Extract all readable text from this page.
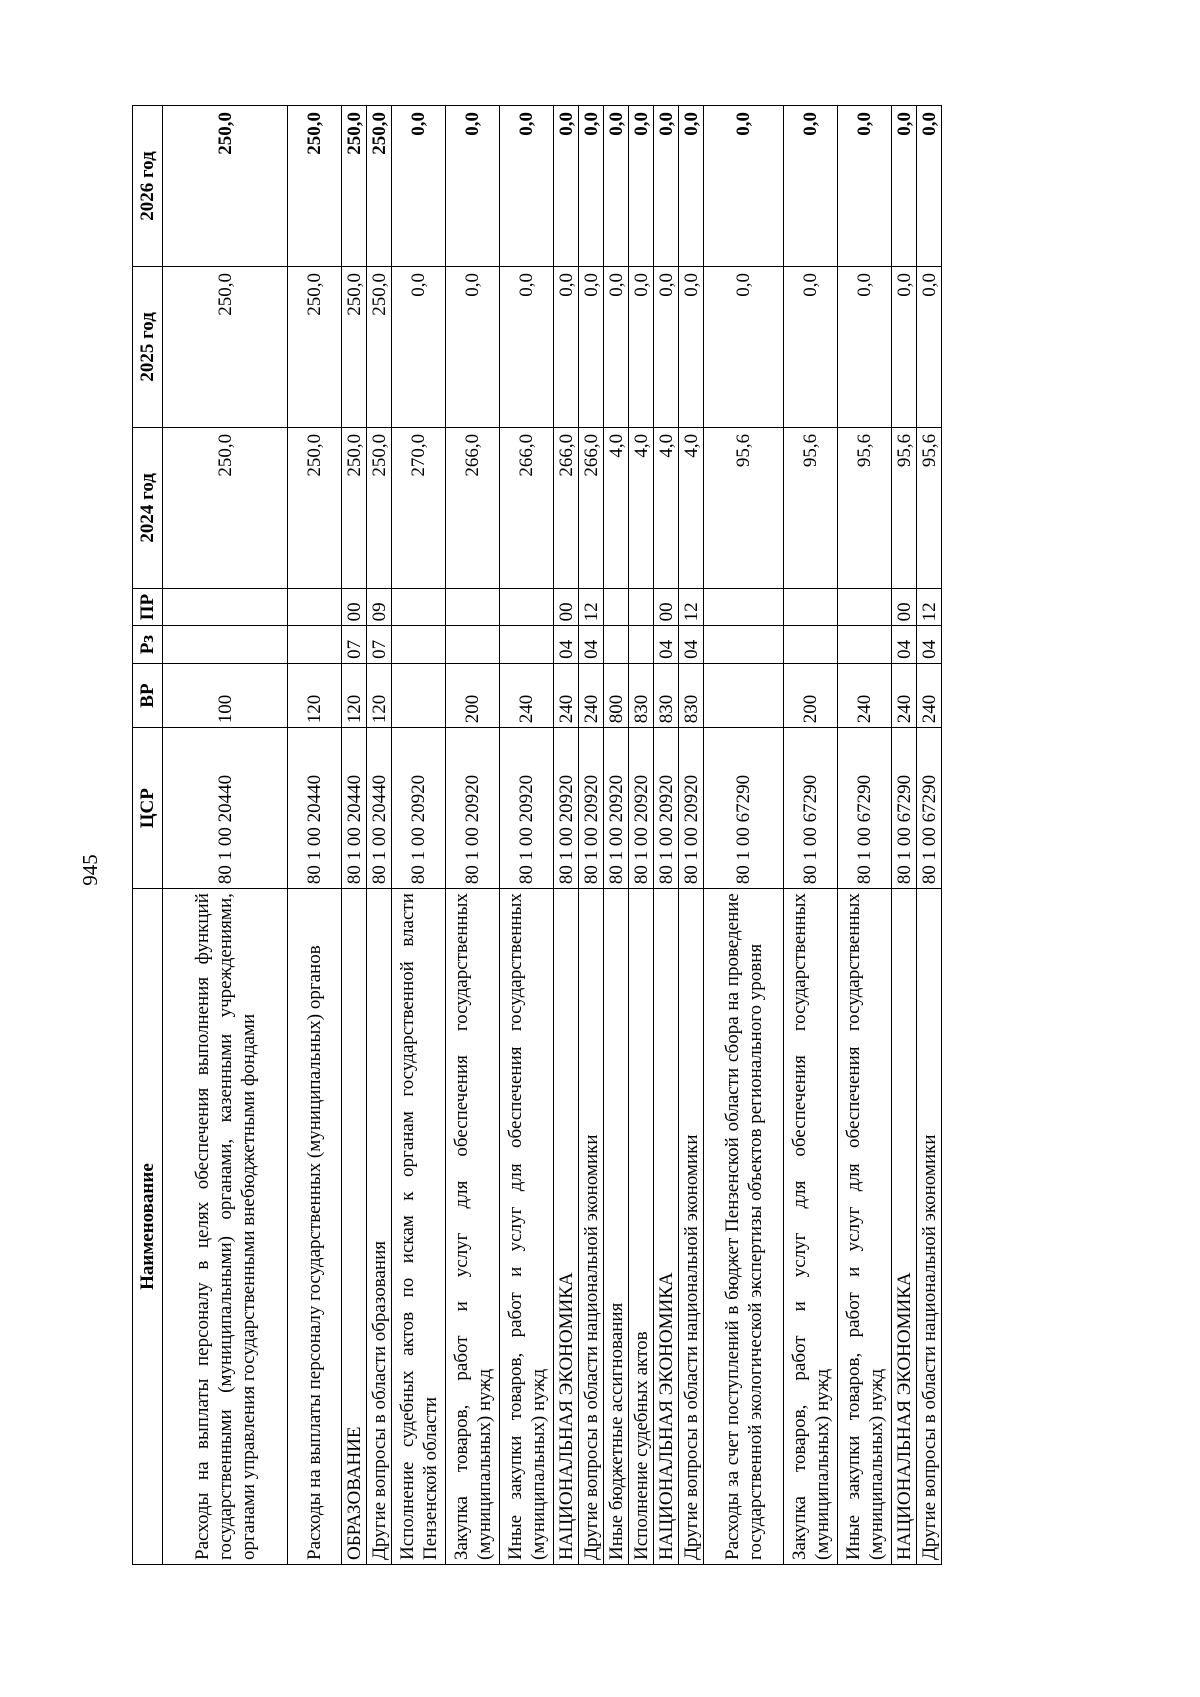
945
Наименование	ЦСР	ВР	Рз	ПР	2024 год	2025 год	2026 год
Расходы на выплаты персоналу в целях обеспечения выполнения функций государственными (муниципальными) органами, казенными учреждениями, органами управления государственными внебюджетными фондами	80 1 00 20440	100			250,0	250,0	250,0
Расходы на выплаты персоналу государственных (муниципальных) органов	80 1 00 20440	120			250,0	250,0	250,0
ОБРАЗОВАНИЕ	80 1 00 20440	120	07	00	250,0	250,0	250,0
Другие вопросы в области образования	80 1 00 20440	120	07	09	250,0	250,0	250,0
Исполнение судебных актов по искам к органам государственной власти Пензенской области	80 1 00 20920				270,0	0,0	0,0
Закупка товаров, работ и услуг для обеспечения государственных (муниципальных) нужд	80 1 00 20920	200			266,0	0,0	0,0
Иные закупки товаров, работ и услуг для обеспечения государственных (муниципальных) нужд	80 1 00 20920	240			266,0	0,0	0,0
НАЦИОНАЛЬНАЯ ЭКОНОМИКА	80 1 00 20920	240	04	00	266,0	0,0	0,0
Другие вопросы в области национальной экономики	80 1 00 20920	240	04	12	266,0	0,0	0,0
Иные бюджетные ассигнования	80 1 00 20920	800			4,0	0,0	0,0
Исполнение судебных актов	80 1 00 20920	830			4,0	0,0	0,0
НАЦИОНАЛЬНАЯ ЭКОНОМИКА	80 1 00 20920	830	04	00	4,0	0,0	0,0
Другие вопросы в области национальной экономики	80 1 00 20920	830	04	12	4,0	0,0	0,0
Расходы за счет поступлений в бюджет Пензенской области сбора на проведение государственной экологической экспертизы объектов регионального уровня	80 1 00 67290				95,6	0,0	0,0
Закупка товаров, работ и услуг для обеспечения государственных (муниципальных) нужд	80 1 00 67290	200			95,6	0,0	0,0
Иные закупки товаров, работ и услуг для обеспечения государственных (муниципальных) нужд	80 1 00 67290	240			95,6	0,0	0,0
НАЦИОНАЛЬНАЯ ЭКОНОМИКА	80 1 00 67290	240	04	00	95,6	0,0	0,0
Другие вопросы в области национальной экономики	80 1 00 67290	240	04	12	95,6	0,0	0,0
